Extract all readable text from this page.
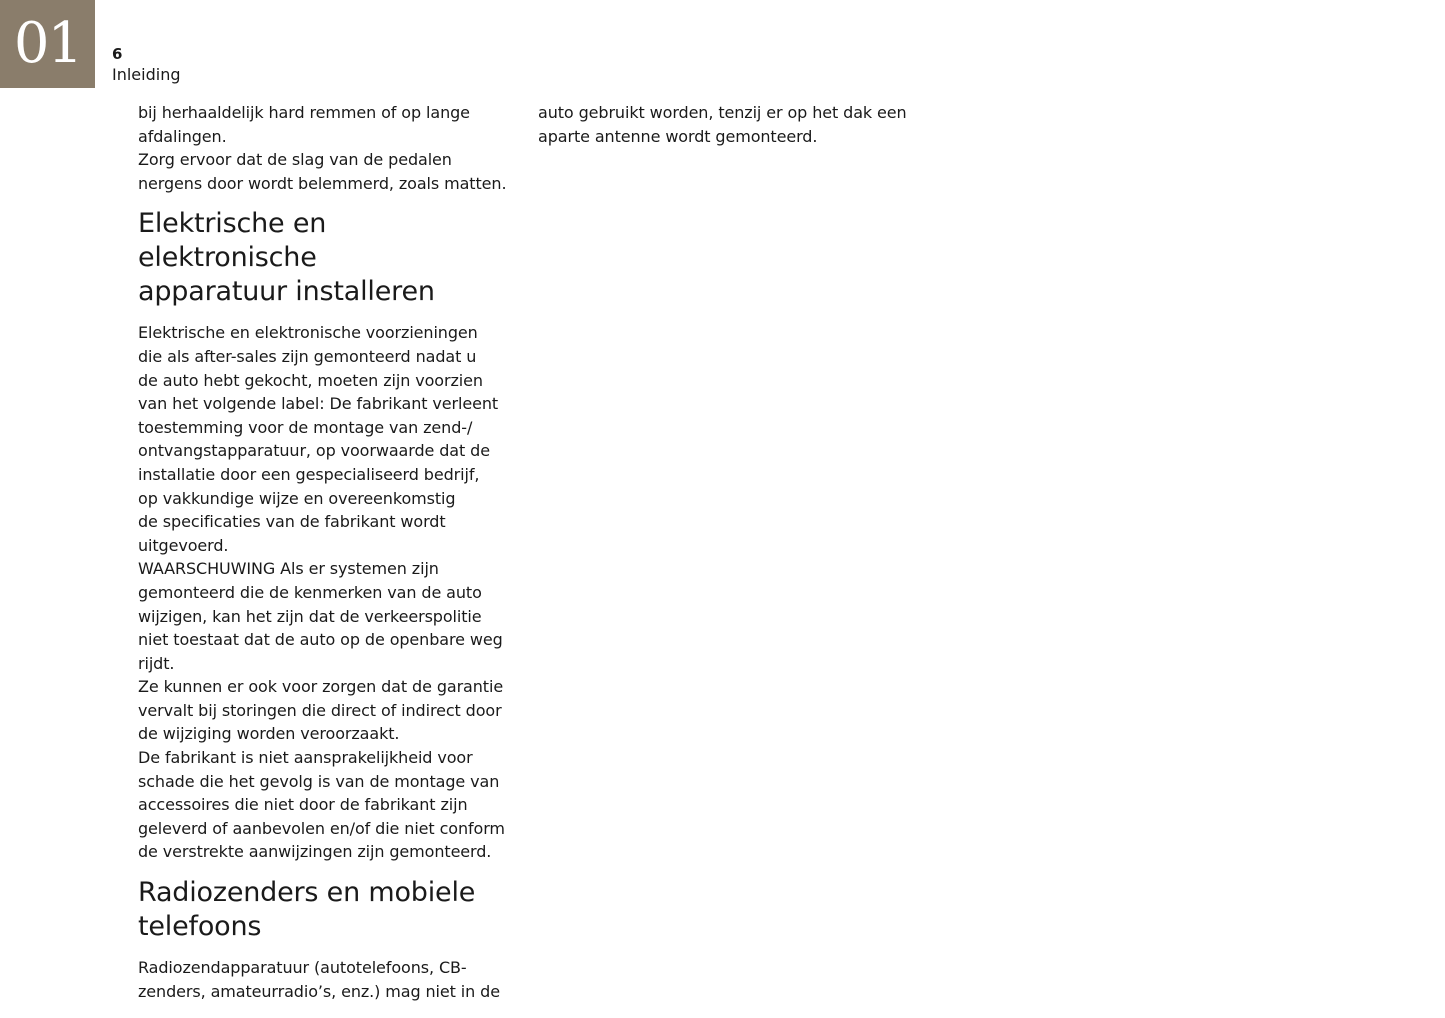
01 6
Inleiding

bij herhaaldelijk hard remmen of op lange
afdalingen.
Zorg ervoor dat de slag van de pedalen
nergens door wordt belemmerd, zoals matten.

Elektrische en elektronische
apparatuur installeren

Elektrische en elektronische voorzieningen
die als after-sales zijn gemonteerd nadat u
de auto hebt gekocht, moeten zijn voorzien
van het volgende label: De fabrikant verleent
toestemming voor de montage van zend-/
ontvangstapparatuur, op voorwaarde dat de
installatie door een gespecialiseerd bedrijf,
op vakkundige wijze en overeenkomstig
de specificaties van de fabrikant wordt
uitgevoerd.
WAARSCHUWING Als er systemen zijn
gemonteerd die de kenmerken van de auto
wijzigen, kan het zijn dat de verkeerspolitie
niet toestaat dat de auto op de openbare weg
rijdt.
Ze kunnen er ook voor zorgen dat de garantie
vervalt bij storingen die direct of indirect door
de wijziging worden veroorzaakt.
De fabrikant is niet aansprakelijkheid voor
schade die het gevolg is van de montage van
accessoires die niet door de fabrikant zijn
geleverd of aanbevolen en/of die niet conform
de verstrekte aanwijzingen zijn gemonteerd.

Radiozenders en mobiele
telefoons

Radiozendapparatuur (autotelefoons, CB-
zenders, amateurradio’s, enz.) mag niet in de

auto gebruikt worden, tenzij er op het dak een
aparte antenne wordt gemonteerd.
